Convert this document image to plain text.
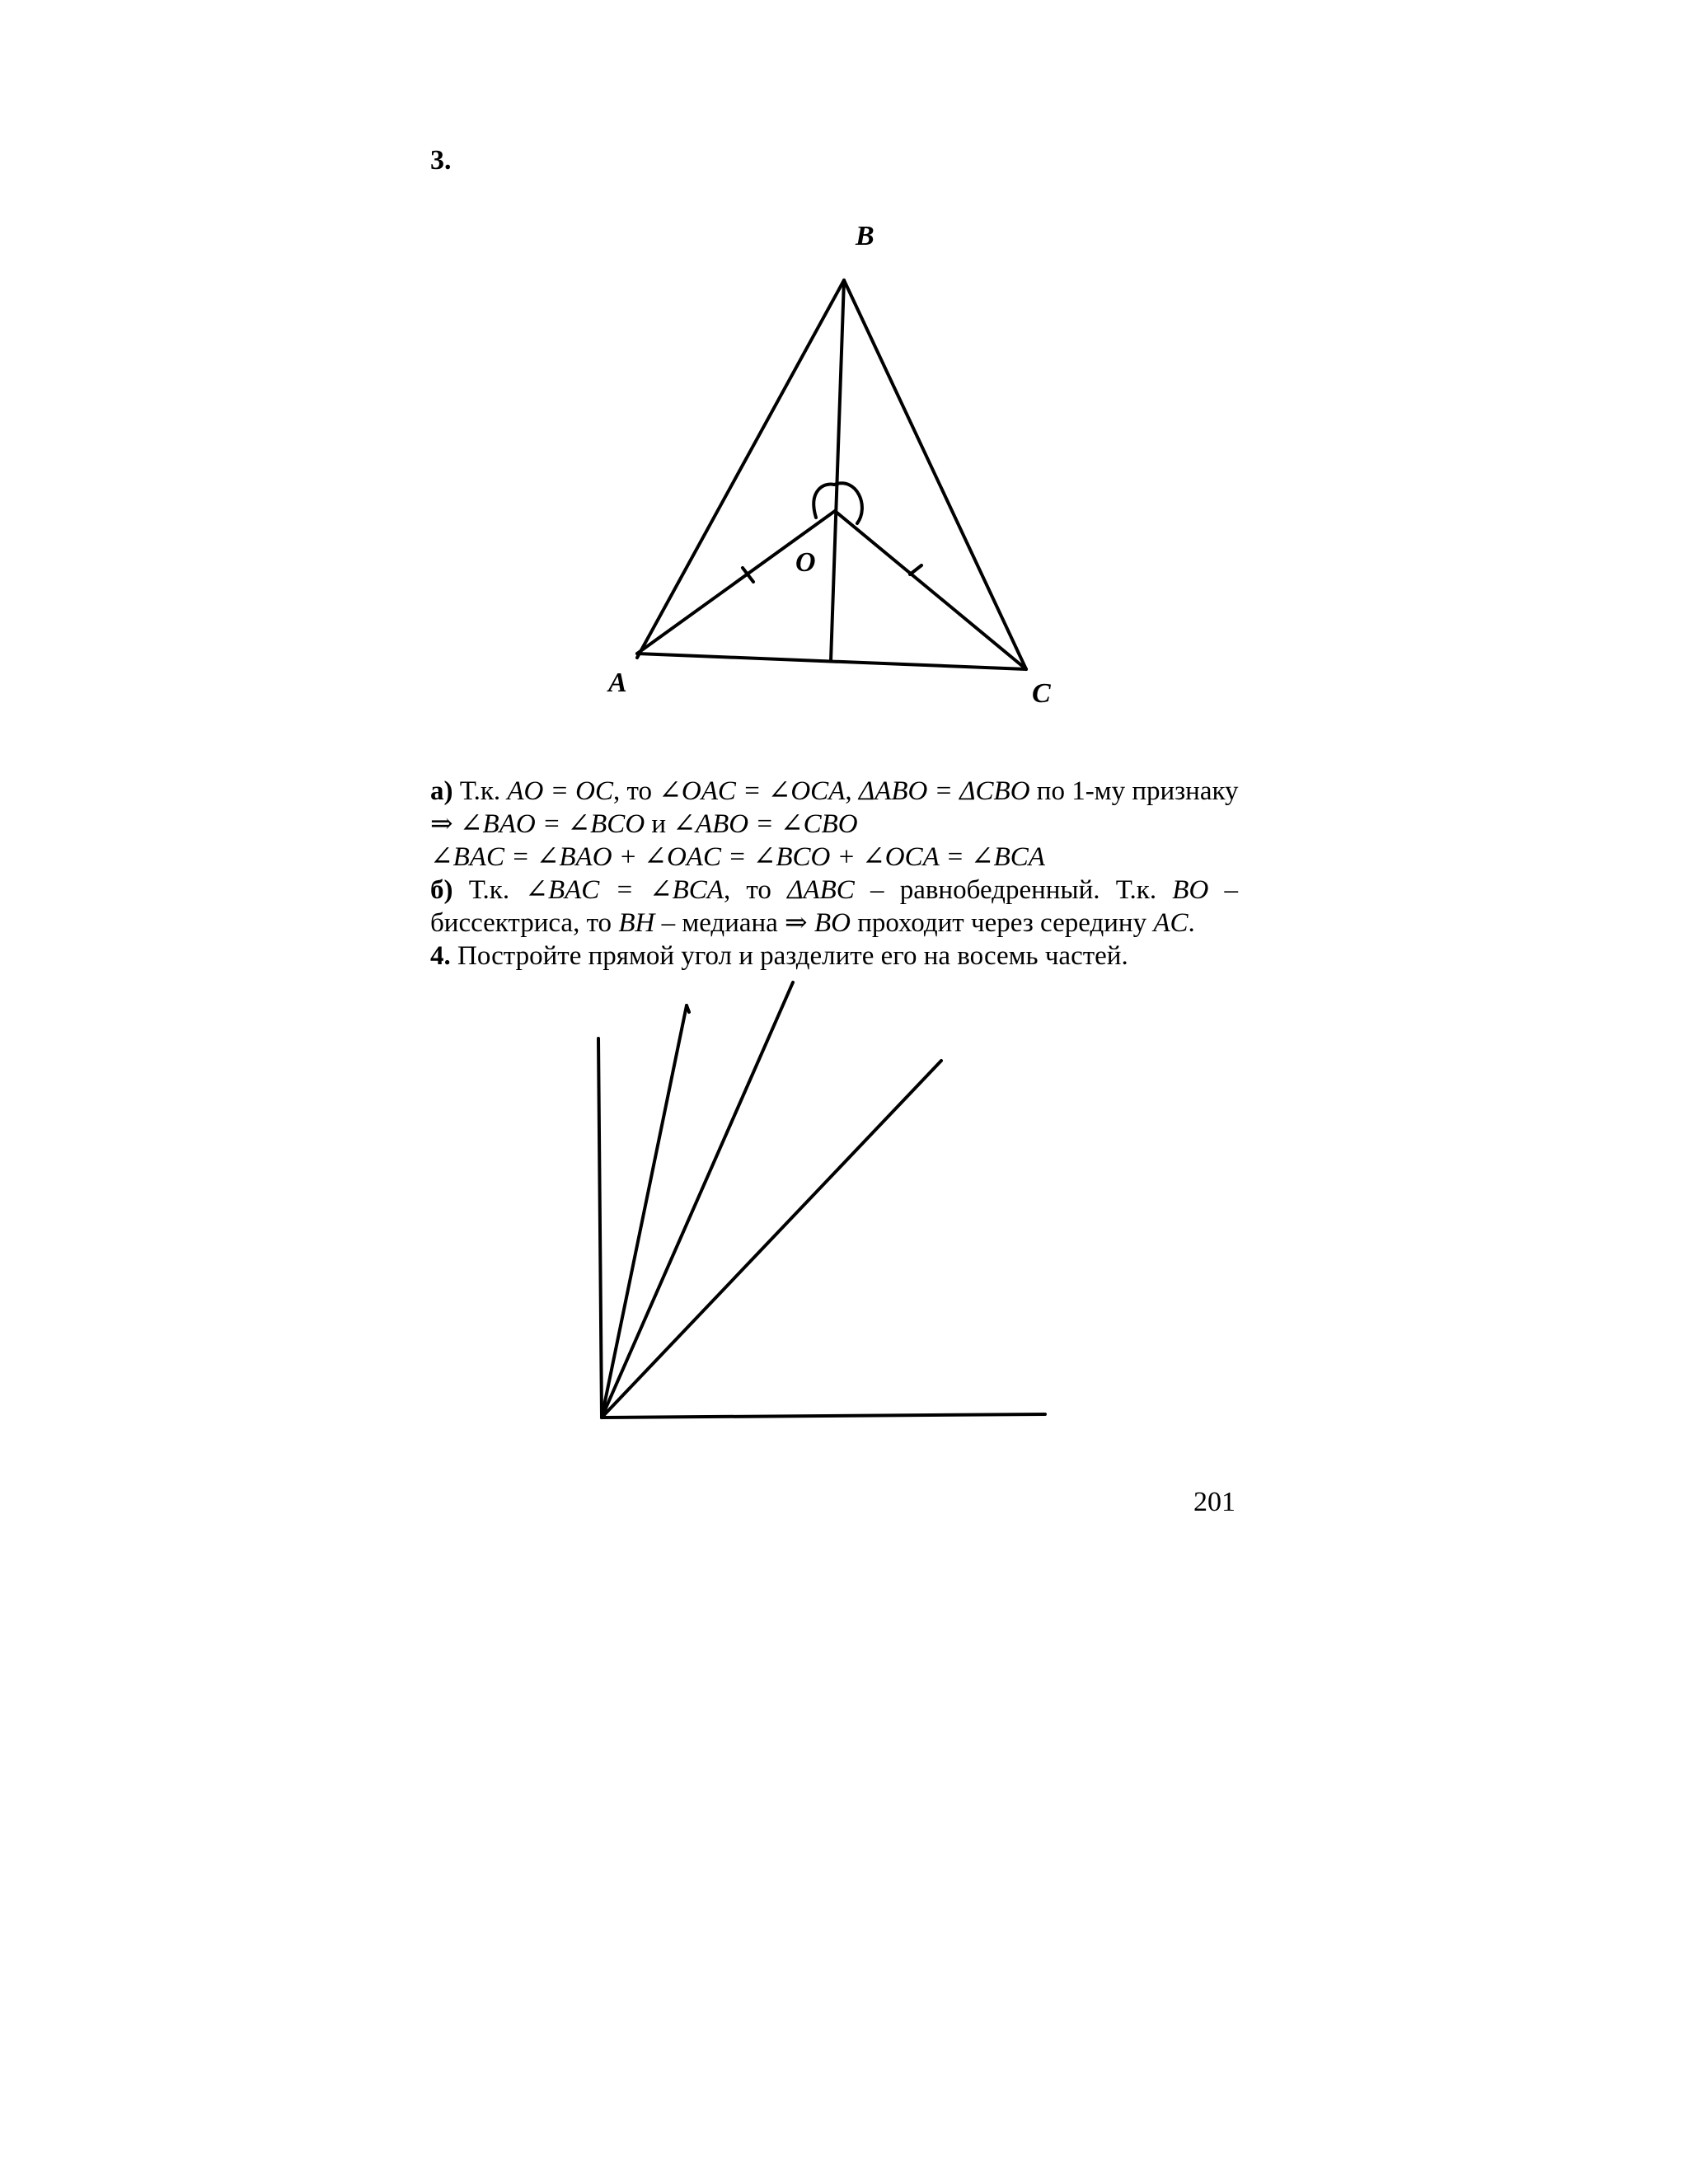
3.
B
O
A	C
а) Т.к. AO = OC, то ∠OAC = ∠OCA, ΔABO = ΔCBO по 1-му признаку
⇒ ∠BAO = ∠BCO и ∠ABO = ∠CBO
∠BAC = ∠BAO + ∠OAC = ∠BCO + ∠OCA = ∠BCA
б) Т.к. ∠BAC = ∠BCA, то ΔABC – равнобедренный. Т.к. BO –
биссектриса, то BH – медиана ⇒ BO проходит через середину AC.
4. Постройте прямой угол и разделите его на восемь частей.
201
